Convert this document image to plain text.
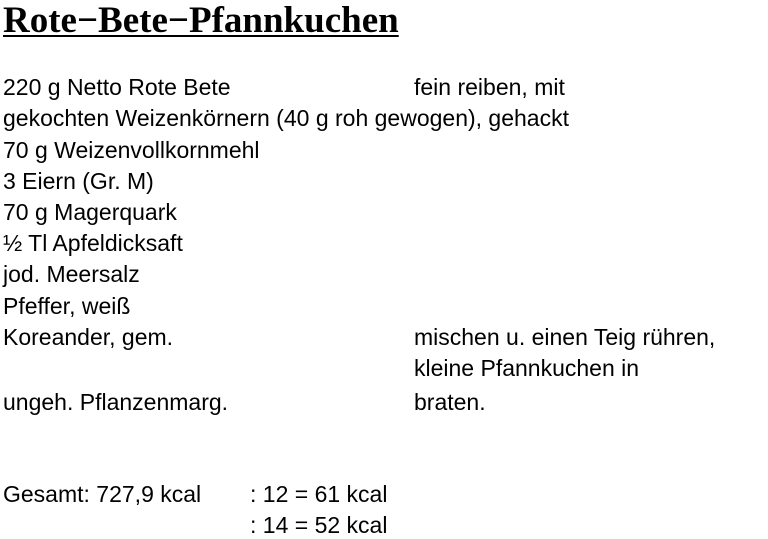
Rote−Bete−Pfannkuchen
220 g Netto Rote Bete	fein reiben, mit
gekochten Weizenkörnern (40 g roh gewogen), gehackt
70 g Weizenvollkornmehl
3 Eiern (Gr. M)
70 g Magerquark
½ Tl Apfeldicksaft
jod. Meersalz
Pfeffer, weiß
Koreander, gem.	mischen u. einen Teig rühren,
kleine Pfannkuchen in
ungeh. Pflanzenmarg.	braten.
Gesamt: 727,9 kcal : 12 = 61 kcal
: 14 = 52 kcal
